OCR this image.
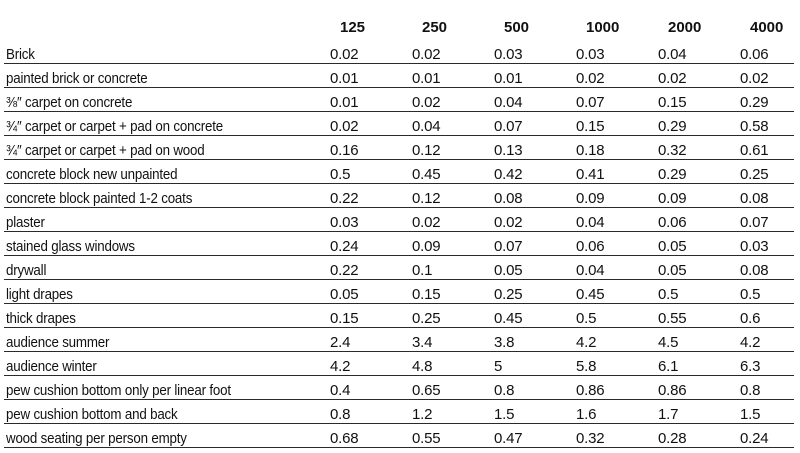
	125	250	500	1000	2000	4000
Brick	0.02	0.02	0.03	0.03	0.04	0.06
painted brick or concrete	0.01	0.01	0.01	0.02	0.02	0.02
⅜″ carpet on concrete	0.01	0.02	0.04	0.07	0.15	0.29
¾″ carpet or carpet + pad on concrete	0.02	0.04	0.07	0.15	0.29	0.58
¾″ carpet or carpet + pad on wood	0.16	0.12	0.13	0.18	0.32	0.61
concrete block new unpainted	0.5	0.45	0.42	0.41	0.29	0.25
concrete block painted 1-2 coats	0.22	0.12	0.08	0.09	0.09	0.08
plaster	0.03	0.02	0.02	0.04	0.06	0.07
stained glass windows	0.24	0.09	0.07	0.06	0.05	0.03
drywall	0.22	0.1	0.05	0.04	0.05	0.08
light drapes	0.05	0.15	0.25	0.45	0.5	0.5
thick drapes	0.15	0.25	0.45	0.5	0.55	0.6
audience summer	2.4	3.4	3.8	4.2	4.5	4.2
audience winter	4.2	4.8	5	5.8	6.1	6.3
pew cushion bottom only per linear foot	0.4	0.65	0.8	0.86	0.86	0.8
pew cushion bottom and back	0.8	1.2	1.5	1.6	1.7	1.5
wood seating per person empty	0.68	0.55	0.47	0.32	0.28	0.24
